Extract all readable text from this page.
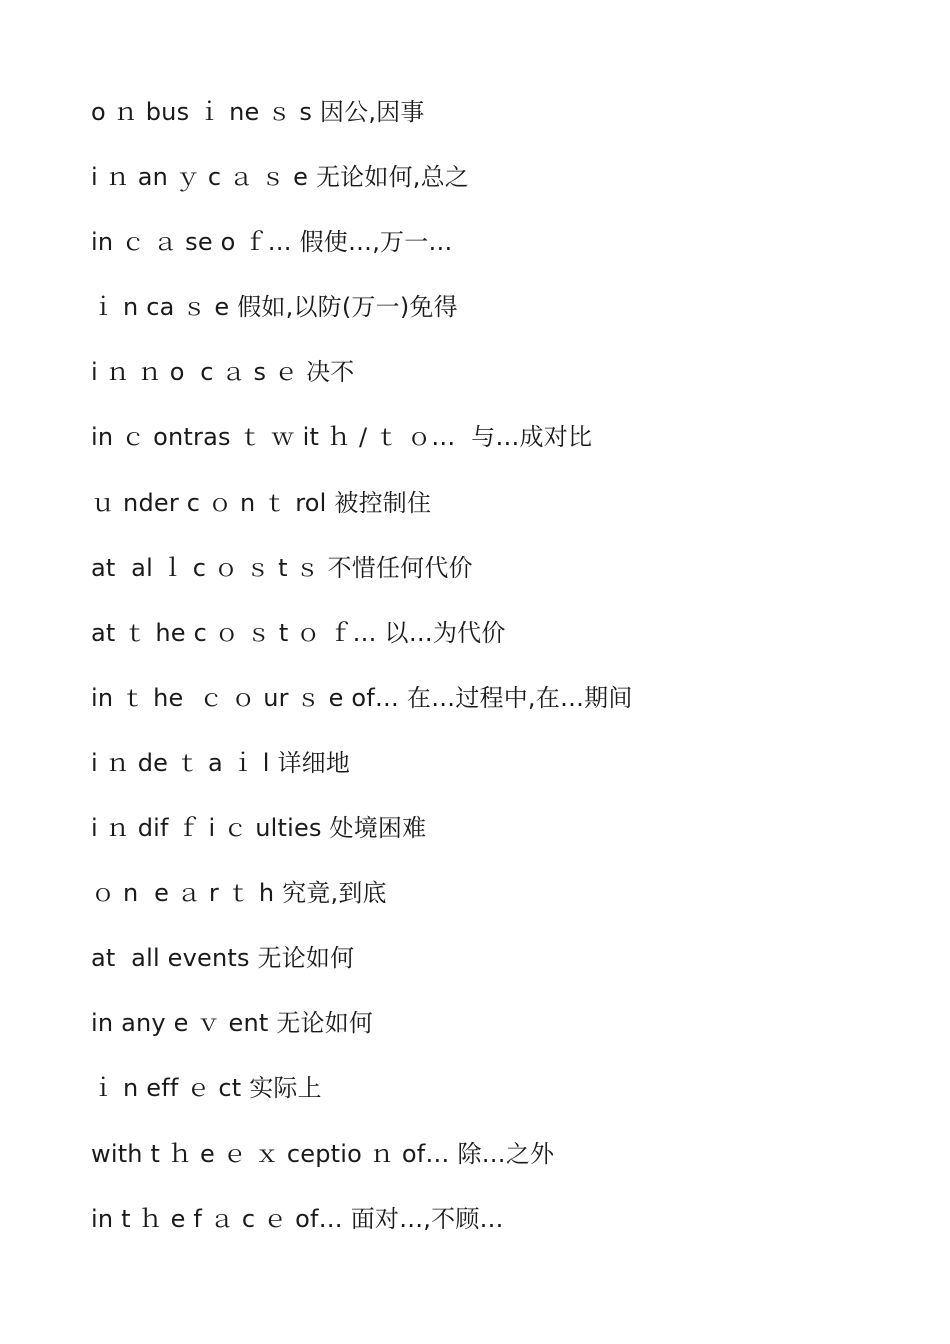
o ｎ bus ｉ ne ｓ s 因公,因事
i ｎ an ｙ c ａ ｓ e 无论如何,总之
in ｃ ａ se o ｆ… 假使…,万一…
ｉ n ca ｓ e 假如,以防(万一)免得
i ｎ ｎ o  c ａ s ｅ 决不
in ｃ ontras ｔ ｗ it ｈ / ｔ ｏ…  与…成对比
ｕ nder c ｏ n ｔ rol 被控制住
at  al ｌ c ｏ ｓ t ｓ 不惜任何代价
at ｔ he c ｏ ｓ t ｏ ｆ… 以…为代价
in ｔ he  ｃ ｏ ur ｓ e of… 在…过程中,在…期间
i ｎ de ｔ a ｉ l 详细地
i ｎ dif ｆ i ｃ ulties 处境困难
ｏ n  e ａ r ｔ h 究竟,到底
at  all events 无论如何
in any e ｖ ent 无论如何
ｉ n eff ｅ ct 实际上
with t ｈ e ｅ ｘ ceptio ｎ of… 除…之外
in t ｈ e f ａ c ｅ of… 面对…,不顾…
